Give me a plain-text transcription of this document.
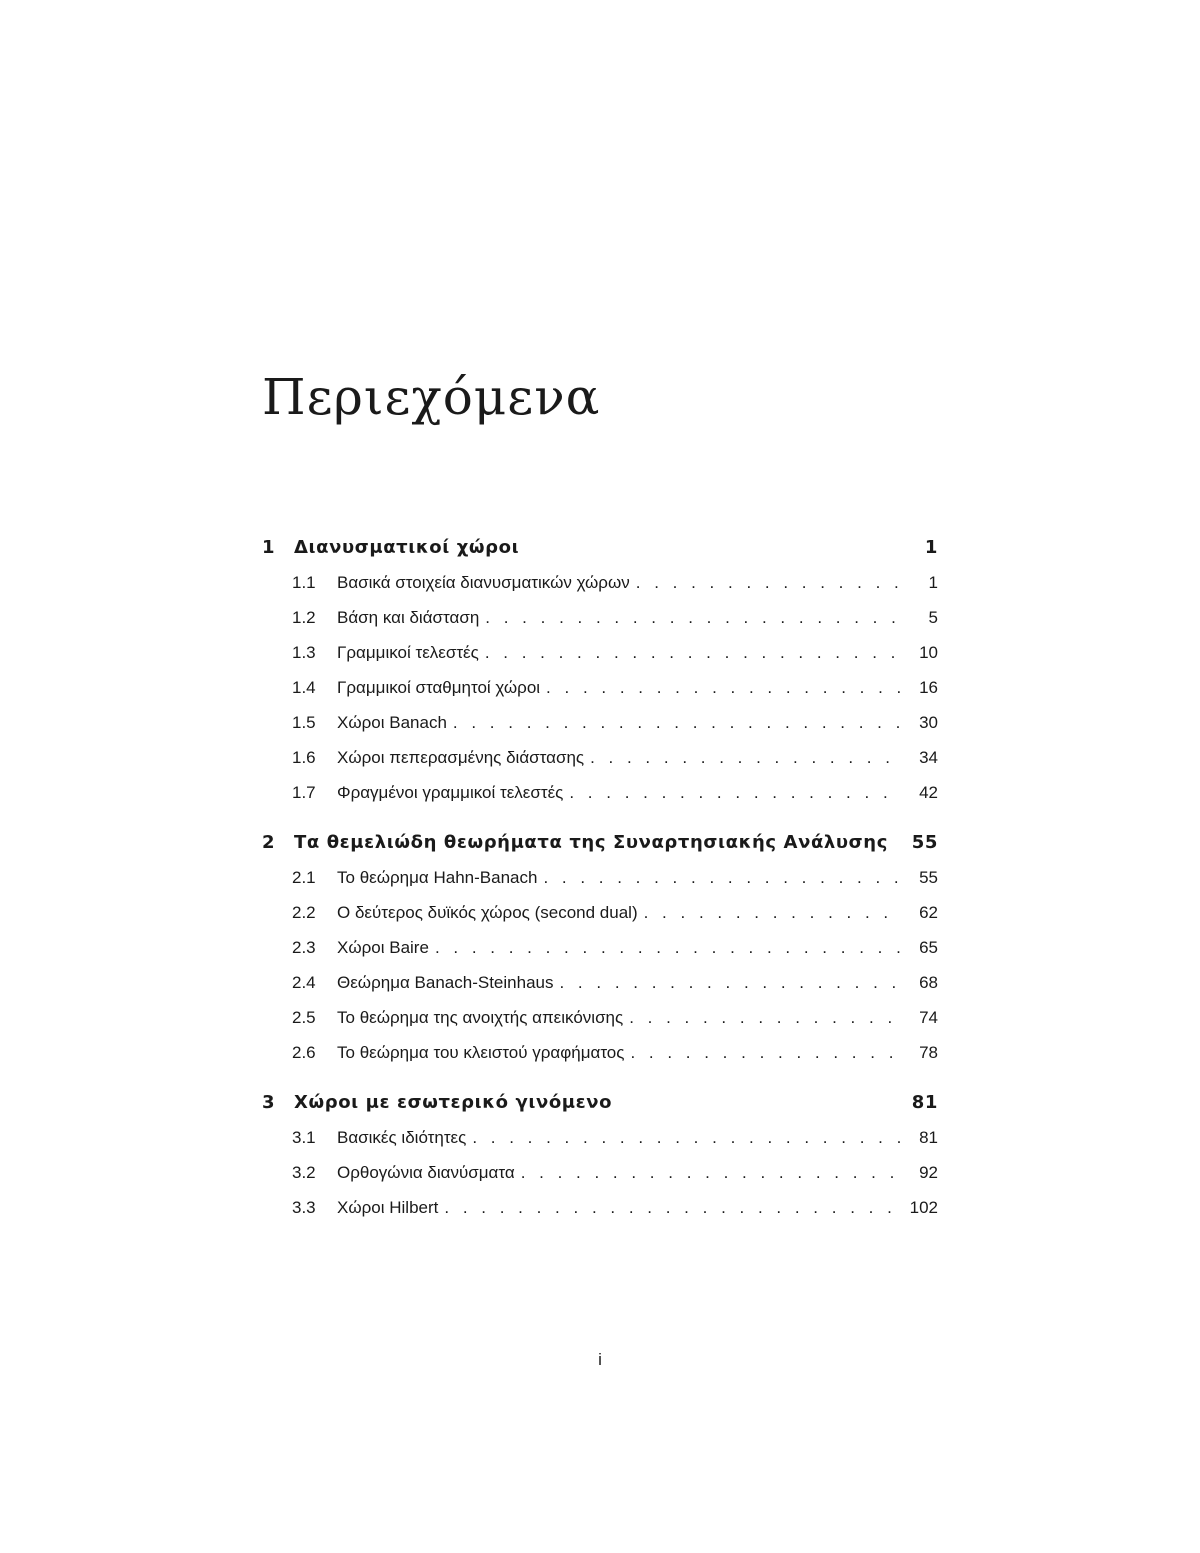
Περιεχόμενα
1	Διανυσματικοί χώροι	1
1.1	Βασικά στοιχεία διανυσματικών χώρων . . .	1
1.2	Βάση και διάσταση . . .	5
1.3	Γραμμικοί τελεστές . . .	10
1.4	Γραμμικοί σταθμητοί χώροι . . .	16
1.5	Χώροι Banach . . .	30
1.6	Χώροι πεπερασμένης διάστασης . . .	34
1.7	Φραγμένοι γραμμικοί τελεστές . . .	42
2	Τα θεμελιώδη θεωρήματα της Συναρτησιακής Ανάλυσης	55
2.1	Το θεώρημα Hahn-Banach . . .	55
2.2	Ο δεύτερος δυϊκός χώρος (second dual) . . .	62
2.3	Χώροι Baire . . .	65
2.4	Θεώρημα Banach-Steinhaus . . .	68
2.5	Το θεώρημα της ανοιχτής απεικόνισης . . .	74
2.6	Το θεώρημα του κλειστού γραφήματος . . .	78
3	Χώροι με εσωτερικό γινόμενο	81
3.1	Βασικές ιδιότητες . . .	81
3.2	Ορθογώνια διανύσματα . . .	92
3.3	Χώροι Hilbert . . .	102
i
